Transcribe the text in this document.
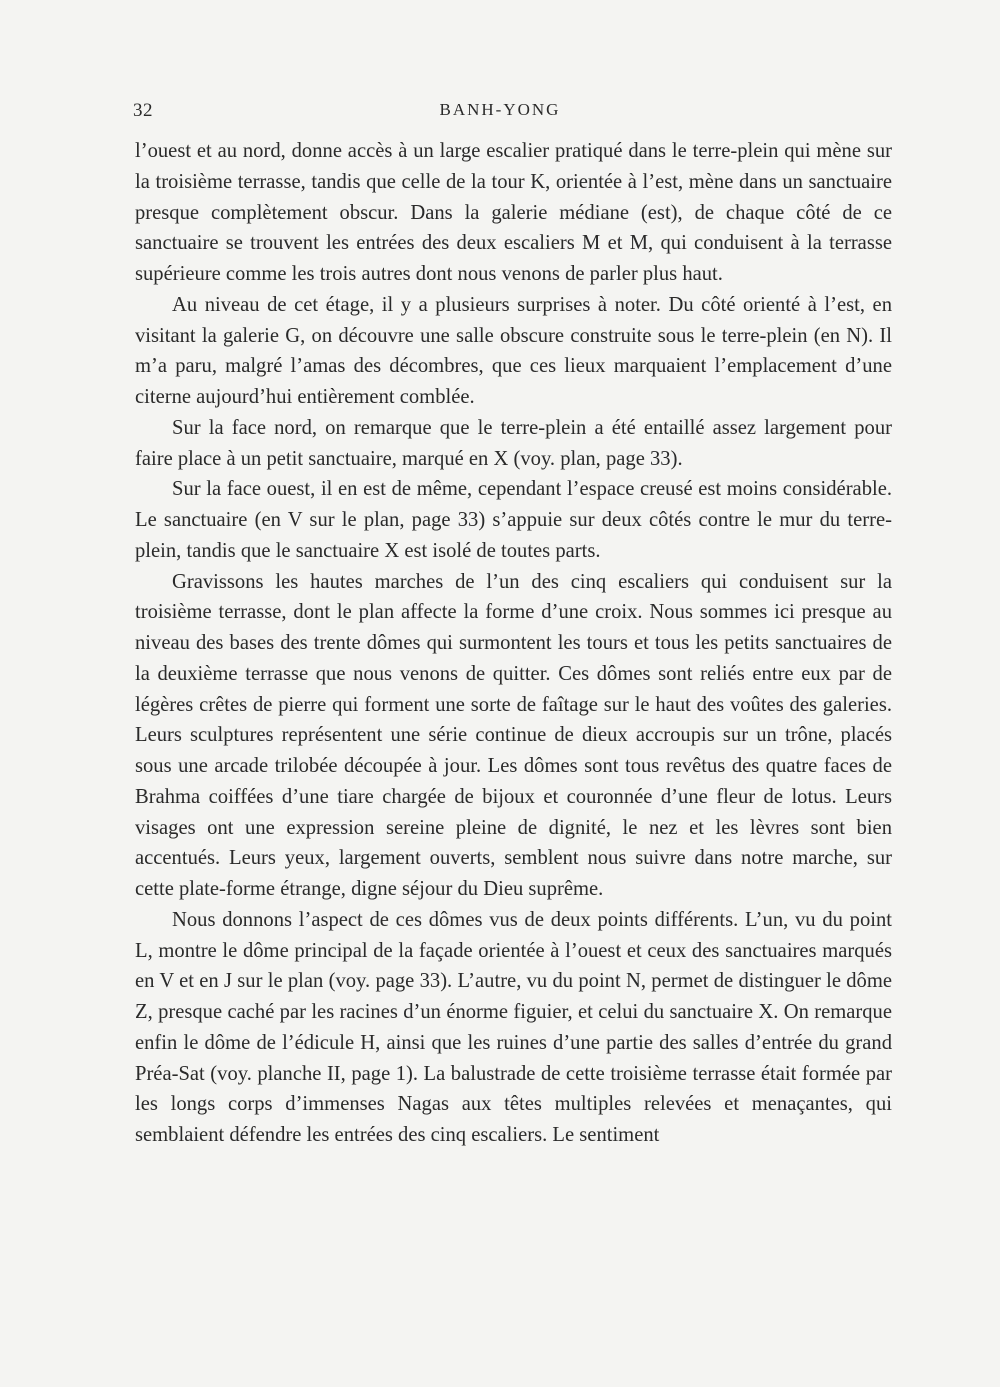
32	BANH-YONG

l’ouest et au nord, donne accès à un large escalier pratiqué dans le terre-plein qui mène sur la troisième terrasse, tandis que celle de la tour K, orientée à l’est, mène dans un sanctuaire presque complètement obscur. Dans la galerie médiane (est), de chaque côté de ce sanctuaire se trouvent les entrées des deux escaliers M et M, qui conduisent à la terrasse supérieure comme les trois autres dont nous venons de parler plus haut.

Au niveau de cet étage, il y a plusieurs surprises à noter. Du côté orienté à l’est, en visitant la galerie G, on découvre une salle obscure construite sous le terre-plein (en N). Il m’a paru, malgré l’amas des décombres, que ces lieux marquaient l’emplacement d’une citerne aujourd’hui entièrement comblée.

Sur la face nord, on remarque que le terre-plein a été entaillé assez largement pour faire place à un petit sanctuaire, marqué en X (voy. plan, page 33).

Sur la face ouest, il en est de même, cependant l’espace creusé est moins considérable. Le sanctuaire (en V sur le plan, page 33) s’appuie sur deux côtés contre le mur du terre-plein, tandis que le sanctuaire X est isolé de toutes parts.

Gravissons les hautes marches de l’un des cinq escaliers qui conduisent sur la troisième terrasse, dont le plan affecte la forme d’une croix. Nous sommes ici presque au niveau des bases des trente dômes qui surmontent les tours et tous les petits sanctuaires de la deuxième terrasse que nous venons de quitter. Ces dômes sont reliés entre eux par de légères crêtes de pierre qui forment une sorte de faîtage sur le haut des voûtes des galeries. Leurs sculptures représentent une série continue de dieux accroupis sur un trône, placés sous une arcade trilobée découpée à jour. Les dômes sont tous revêtus des quatre faces de Brahma coiffées d’une tiare chargée de bijoux et couronnée d’une fleur de lotus. Leurs visages ont une expression sereine pleine de dignité, le nez et les lèvres sont bien accentués. Leurs yeux, largement ouverts, semblent nous suivre dans notre marche, sur cette plate-forme étrange, digne séjour du Dieu suprême.

Nous donnons l’aspect de ces dômes vus de deux points différents. L’un, vu du point L, montre le dôme principal de la façade orientée à l’ouest et ceux des sanctuaires marqués en V et en J sur le plan (voy. page 33). L’autre, vu du point N, permet de distinguer le dôme Z, presque caché par les racines d’un énorme figuier, et celui du sanctuaire X. On remarque enfin le dôme de l’édicule H, ainsi que les ruines d’une partie des salles d’entrée du grand Préa-Sat (voy. planche II, page 1). La balustrade de cette troisième terrasse était formée par les longs corps d’immenses Nagas aux têtes multiples relevées et menaçantes, qui semblaient défendre les entrées des cinq escaliers. Le sentiment
